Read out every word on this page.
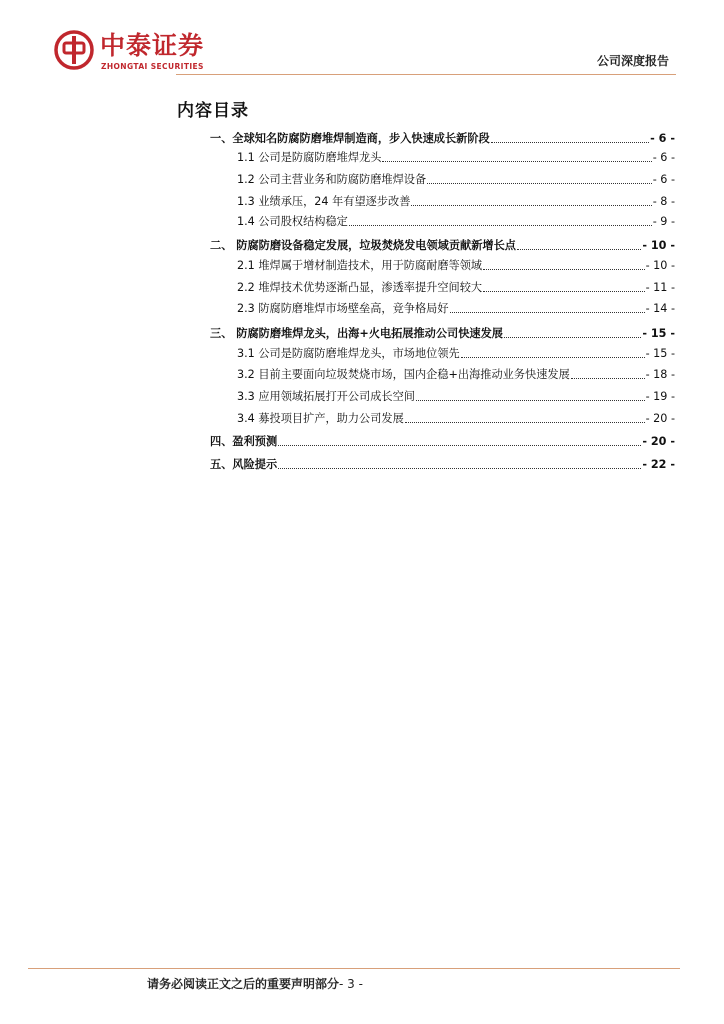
中泰证券
ZHONGTAI SECURITIES	公司深度报告
内容目录
一、全球知名防腐防磨堆焊制造商，步入快速成长新阶段	- 6 -
1.1 公司是防腐防磨堆焊龙头	- 6 -
1.2 公司主营业务和防腐防磨堆焊设备	- 6 -
1.3 业绩承压，24 年有望逐步改善	- 8 -
1.4 公司股权结构稳定	- 9 -
二、 防腐防磨设备稳定发展，垃圾焚烧发电领域贡献新增长点	- 10 -
2.1 堆焊属于增材制造技术，用于防腐耐磨等领域	- 10 -
2.2 堆焊技术优势逐渐凸显，渗透率提升空间较大	- 11 -
2.3 防腐防磨堆焊市场壁垒高，竞争格局好	- 14 -
三、 防腐防磨堆焊龙头，出海+火电拓展推动公司快速发展	- 15 -
3.1 公司是防腐防磨堆焊龙头，市场地位领先	- 15 -
3.2 目前主要面向垃圾焚烧市场，国内企稳+出海推动业务快速发展	- 18 -
3.3 应用领域拓展打开公司成长空间	- 19 -
3.4 募投项目扩产，助力公司发展	- 20 -
四、盈利预测	- 20 -
五、风险提示	- 22 -
请务必阅读正文之后的重要声明部分- 3 -
